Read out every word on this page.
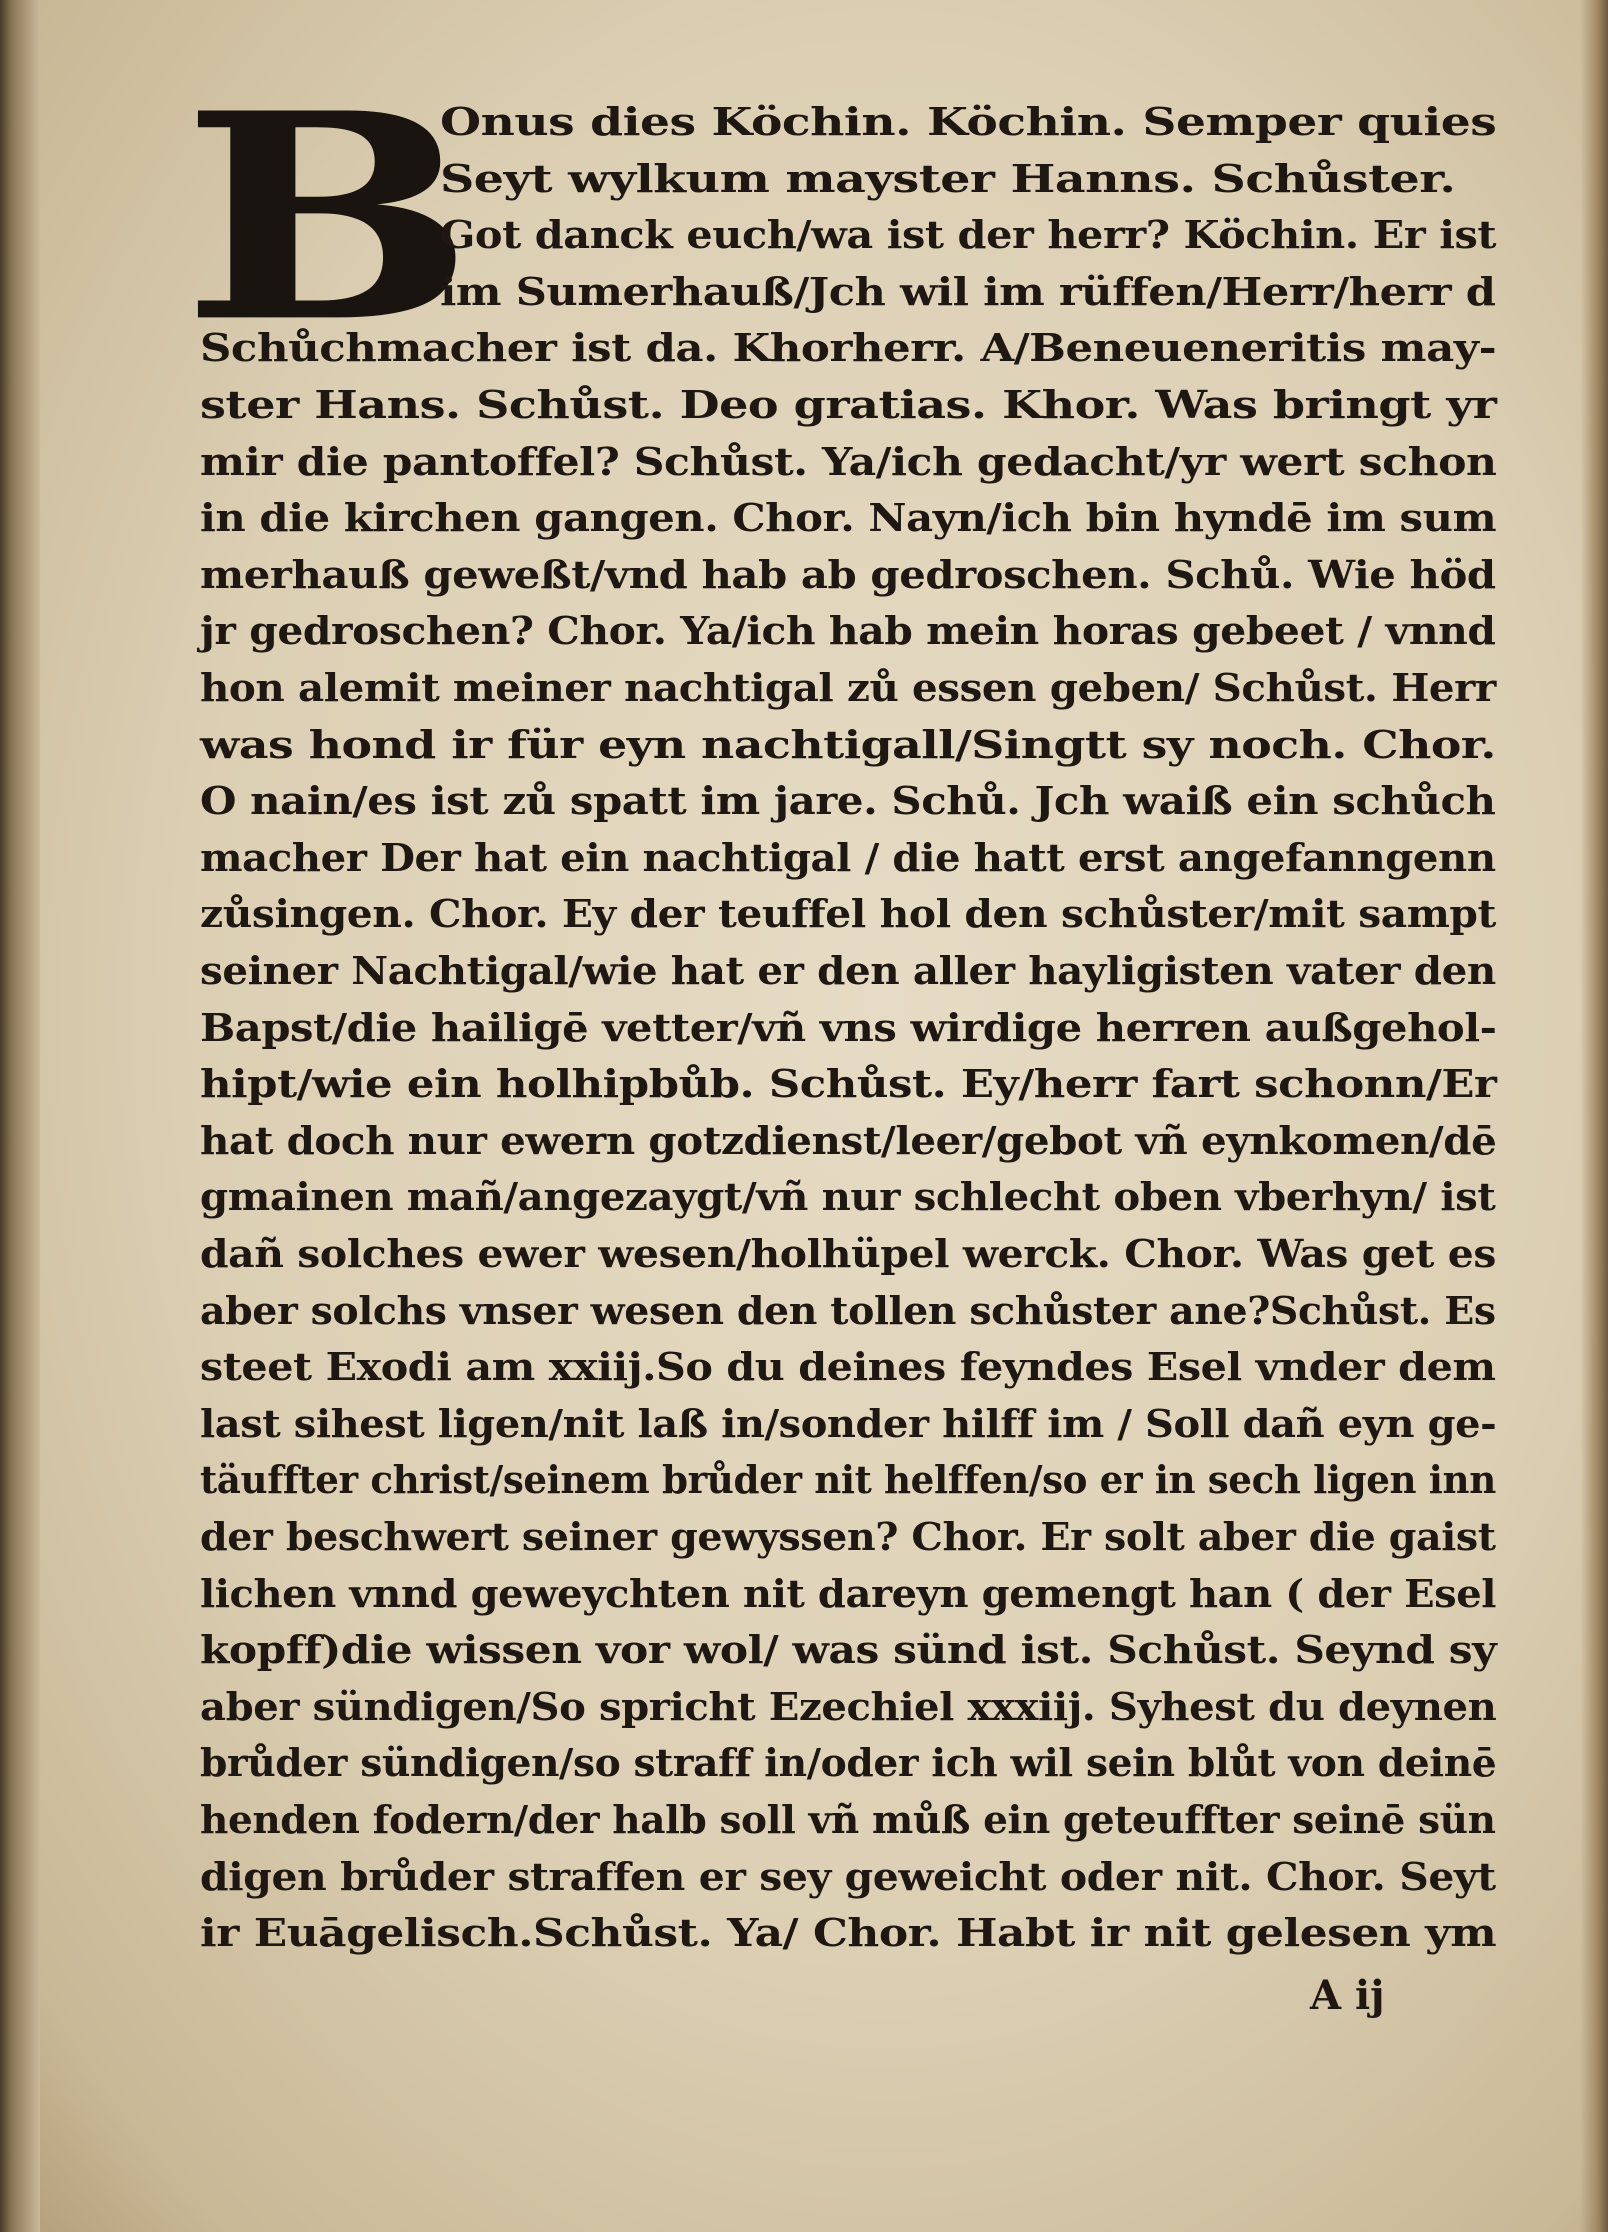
B
Onus dies Köchin. Köchin. Semper quies
Seyt wylkum mayster Hanns. Schůster.
Got danck euch/wa ist der herr? Köchin. Er ist
im Sumerhauß/Jch wil im rüffen/Herr/herr d
Schůchmacher ist da. Khorherr. A/Beneueneritis may-
ster Hans. Schůst. Deo gratias. Khor. Was bringt yr
mir die pantoffel? Schůst. Ya/ich gedacht/yr wert schon
in die kirchen gangen. Chor. Nayn/ich bin hyndē im sum
merhauß geweßt/vnd hab ab gedroschen. Schů. Wie höd
jr gedroschen? Chor. Ya/ich hab mein horas gebeet / vnnd
hon alemit meiner nachtigal zů essen geben/ Schůst. Herr
was hond ir für eyn nachtigall/Singtt sy noch. Chor.
O nain/es ist zů spatt im jare. Schů. Jch waiß ein schůch
macher Der hat ein nachtigal / die hatt erst angefanngenn
zůsingen. Chor. Ey der teuffel hol den schůster/mit sampt
seiner Nachtigal/wie hat er den aller hayligisten vater den
Bapst/die hailigē vetter/vñ vns wirdige herren außgehol-
hipt/wie ein holhipbůb. Schůst. Ey/herr fart schonn/Er
hat doch nur ewern gotzdienst/leer/gebot vñ eynkomen/dē
gmainen mañ/angezaygt/vñ nur schlecht oben vberhyn/ ist
dañ solches ewer wesen/holhüpel werck. Chor. Was get es
aber solchs vnser wesen den tollen schůster ane?Schůst. Es
steet Exodi am xxiij.So du deines feyndes Esel vnder dem
last sihest ligen/nit laß in/sonder hilff im / Soll dañ eyn ge-
täuffter christ/seinem brůder nit helffen/so er in sech ligen inn
der beschwert seiner gewyssen? Chor. Er solt aber die gaist
lichen vnnd geweychten nit dareyn gemengt han ( der Esel
kopff)die wissen vor wol/ was sünd ist. Schůst. Seynd sy
aber sündigen/So spricht Ezechiel xxxiij. Syhest du deynen
brůder sündigen/so straff in/oder ich wil sein blůt von deinē
henden fodern/der halb soll vñ můß ein geteuffter seinē sün
digen brůder straffen er sey geweicht oder nit. Chor. Seyt
ir Euāgelisch.Schůst. Ya/ Chor. Habt ir nit gelesen ym
A ij
